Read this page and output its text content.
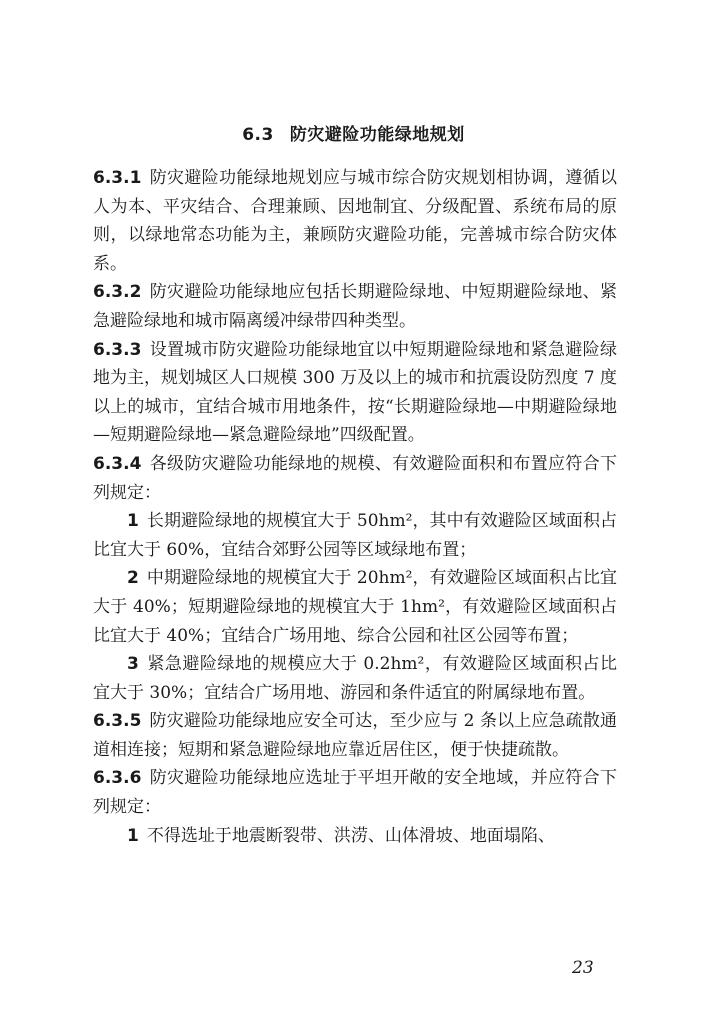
6.3 防灾避险功能绿地规划

6.3.1 防灾避险功能绿地规划应与城市综合防灾规划相协调，遵循以人为本、平灾结合、合理兼顾、因地制宜、分级配置、系统布局的原则，以绿地常态功能为主，兼顾防灾避险功能，完善城市综合防灾体系。

6.3.2 防灾避险功能绿地应包括长期避险绿地、中短期避险绿地、紧急避险绿地和城市隔离缓冲绿带四种类型。

6.3.3 设置城市防灾避险功能绿地宜以中短期避险绿地和紧急避险绿地为主，规划城区人口规模 300 万及以上的城市和抗震设防烈度 7 度以上的城市，宜结合城市用地条件，按“长期避险绿地—中期避险绿地—短期避险绿地—紧急避险绿地”四级配置。

6.3.4 各级防灾避险功能绿地的规模、有效避险面积和布置应符合下列规定：

1 长期避险绿地的规模宜大于 50hm²，其中有效避险区域面积占比宜大于 60%，宜结合郊野公园等区域绿地布置；

2 中期避险绿地的规模宜大于 20hm²，有效避险区域面积占比宜大于 40%；短期避险绿地的规模宜大于 1hm²，有效避险区域面积占比宜大于 40%；宜结合广场用地、综合公园和社区公园等布置；

3 紧急避险绿地的规模应大于 0.2hm²，有效避险区域面积占比宜大于 30%；宜结合广场用地、游园和条件适宜的附属绿地布置。

6.3.5 防灾避险功能绿地应安全可达，至少应与 2 条以上应急疏散通道相连接；短期和紧急避险绿地应靠近居住区，便于快捷疏散。

6.3.6 防灾避险功能绿地应选址于平坦开敞的安全地域，并应符合下列规定：

1 不得选址于地震断裂带、洪涝、山体滑坡、地面塌陷、

23
